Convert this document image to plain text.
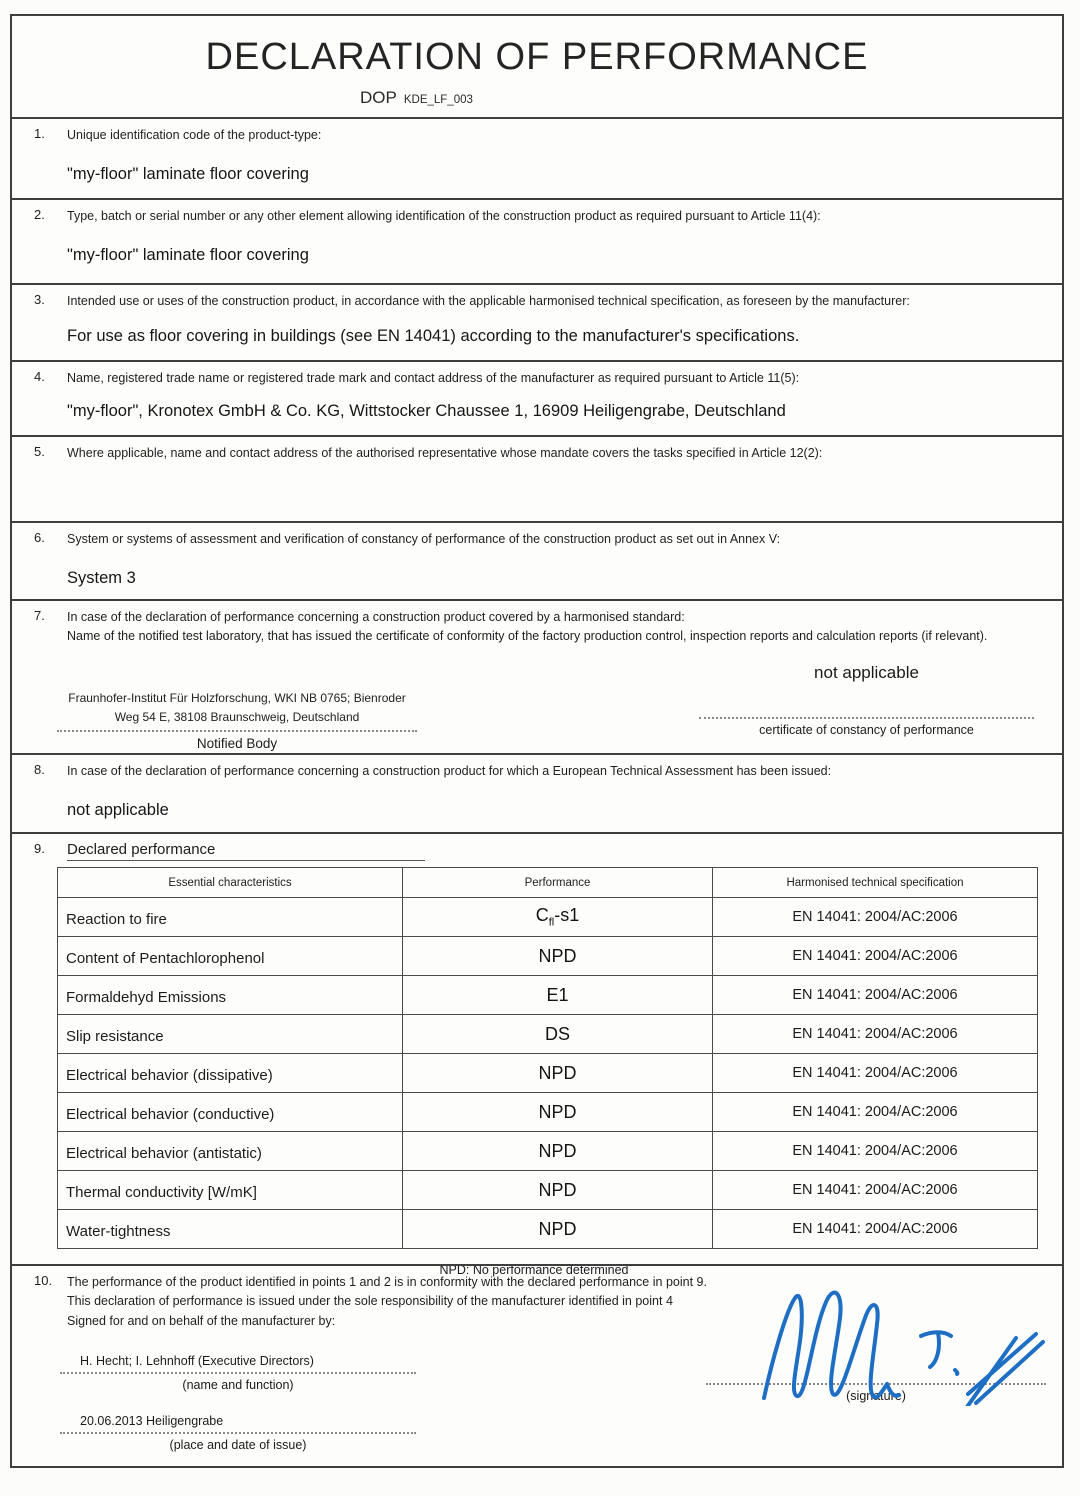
DECLARATION OF PERFORMANCE
DOP KDE_LF_003
1.	Unique identification code of the product-type:
"my-floor" laminate floor covering
2.	Type, batch or serial number or any other element allowing identification of the construction product as required pursuant to Article 11(4):
"my-floor" laminate floor covering
3.	Intended use or uses of the construction product, in accordance with the applicable harmonised technical specification, as foreseen by the manufacturer:
For use as floor covering in buildings (see EN 14041) according to the manufacturer's specifications.
4.	Name, registered trade name or registered trade mark and contact address of the manufacturer as required pursuant to Article 11(5):
"my-floor", Kronotex GmbH & Co. KG, Wittstocker Chaussee 1, 16909 Heiligengrabe, Deutschland
5.	Where applicable, name and contact address of the authorised representative whose mandate covers the tasks specified in Article 12(2):
6.	System or systems of assessment and verification of constancy of performance of the construction product as set out in Annex V:
System 3
7.	In case of the declaration of performance concerning a construction product covered by a harmonised standard:
Name of the notified test laboratory, that has issued the certificate of conformity of the factory production control, inspection reports and calculation reports (if relevant).
Fraunhofer-Institut Für Holzforschung, WKI NB 0765; Bienroder
Weg 54 E, 38108 Braunschweig, Deutschland
Notified Body
not applicable
certificate of constancy of performance
8.	In case of the declaration of performance concerning a construction product for which a European Technical Assessment has been issued:
not applicable
9.	Declared performance
Essential characteristics	Performance	Harmonised technical specification
Reaction to fire	$C_{fl}-s1$	EN 14041: 2004/AC:2006
Content of Pentachlorophenol	NPD	EN 14041: 2004/AC:2006
Formaldehyd Emissions	E1	EN 14041: 2004/AC:2006
Slip resistance	DS	EN 14041: 2004/AC:2006
Electrical behavior (dissipative)	NPD	EN 14041: 2004/AC:2006
Electrical behavior (conductive)	NPD	EN 14041: 2004/AC:2006
Electrical behavior (antistatic)	NPD	EN 14041: 2004/AC:2006
Thermal conductivity [W/mK]	NPD	EN 14041: 2004/AC:2006
Water-tightness	NPD	EN 14041: 2004/AC:2006
NPD: No performance determined
10.	The performance of the product identified in points 1 and 2 is in conformity with the declared performance in point 9.
This declaration of performance is issued under the sole responsibility of the manufacturer identified in point 4
Signed for and on behalf of the manufacturer by:
H. Hecht; I. Lehnhoff (Executive Directors)
(name and function)
20.06.2013 Heiligengrabe
(place and date of issue)
(signature)
